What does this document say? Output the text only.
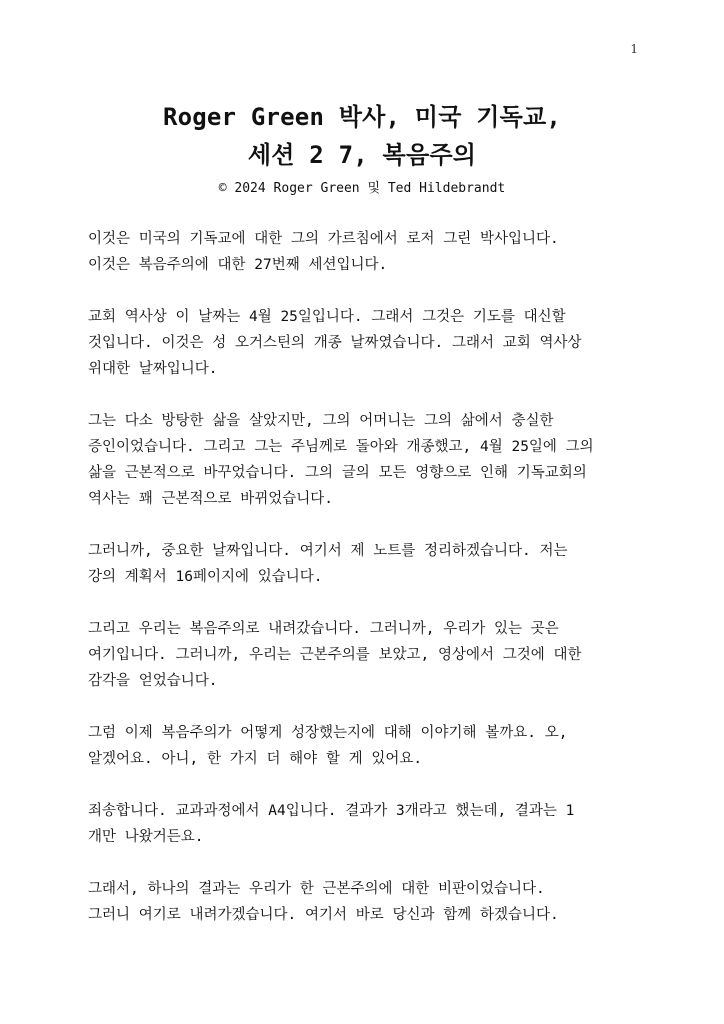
1
Roger Green 박사, 미국 기독교,
세션 2 7, 복음주의
© 2024 Roger Green 및 Ted Hildebrandt
이것은 미국의 기독교에 대한 그의 가르침에서 로저 그린 박사입니다.
이것은 복음주의에 대한 27번째 세션입니다.
교회 역사상 이 날짜는 4월 25일입니다. 그래서 그것은 기도를 대신할
것입니다. 이것은 성 오거스틴의 개종 날짜였습니다. 그래서 교회 역사상
위대한 날짜입니다.
그는 다소 방탕한 삶을 살았지만, 그의 어머니는 그의 삶에서 충실한
증인이었습니다. 그리고 그는 주님께로 돌아와 개종했고, 4월 25일에 그의
삶을 근본적으로 바꾸었습니다. 그의 글의 모든 영향으로 인해 기독교회의
역사는 꽤 근본적으로 바뀌었습니다.
그러니까, 중요한 날짜입니다. 여기서 제 노트를 정리하겠습니다. 저는
강의 계획서 16페이지에 있습니다.
그리고 우리는 복음주의로 내려갔습니다. 그러니까, 우리가 있는 곳은
여기입니다. 그러니까, 우리는 근본주의를 보았고, 영상에서 그것에 대한
감각을 얻었습니다.
그럼 이제 복음주의가 어떻게 성장했는지에 대해 이야기해 볼까요. 오,
알겠어요. 아니, 한 가지 더 해야 할 게 있어요.
죄송합니다. 교과과정에서 A4입니다. 결과가 3개라고 했는데, 결과는 1
개만 나왔거든요.
그래서, 하나의 결과는 우리가 한 근본주의에 대한 비판이었습니다.
그러니 여기로 내려가겠습니다. 여기서 바로 당신과 함께 하겠습니다.
